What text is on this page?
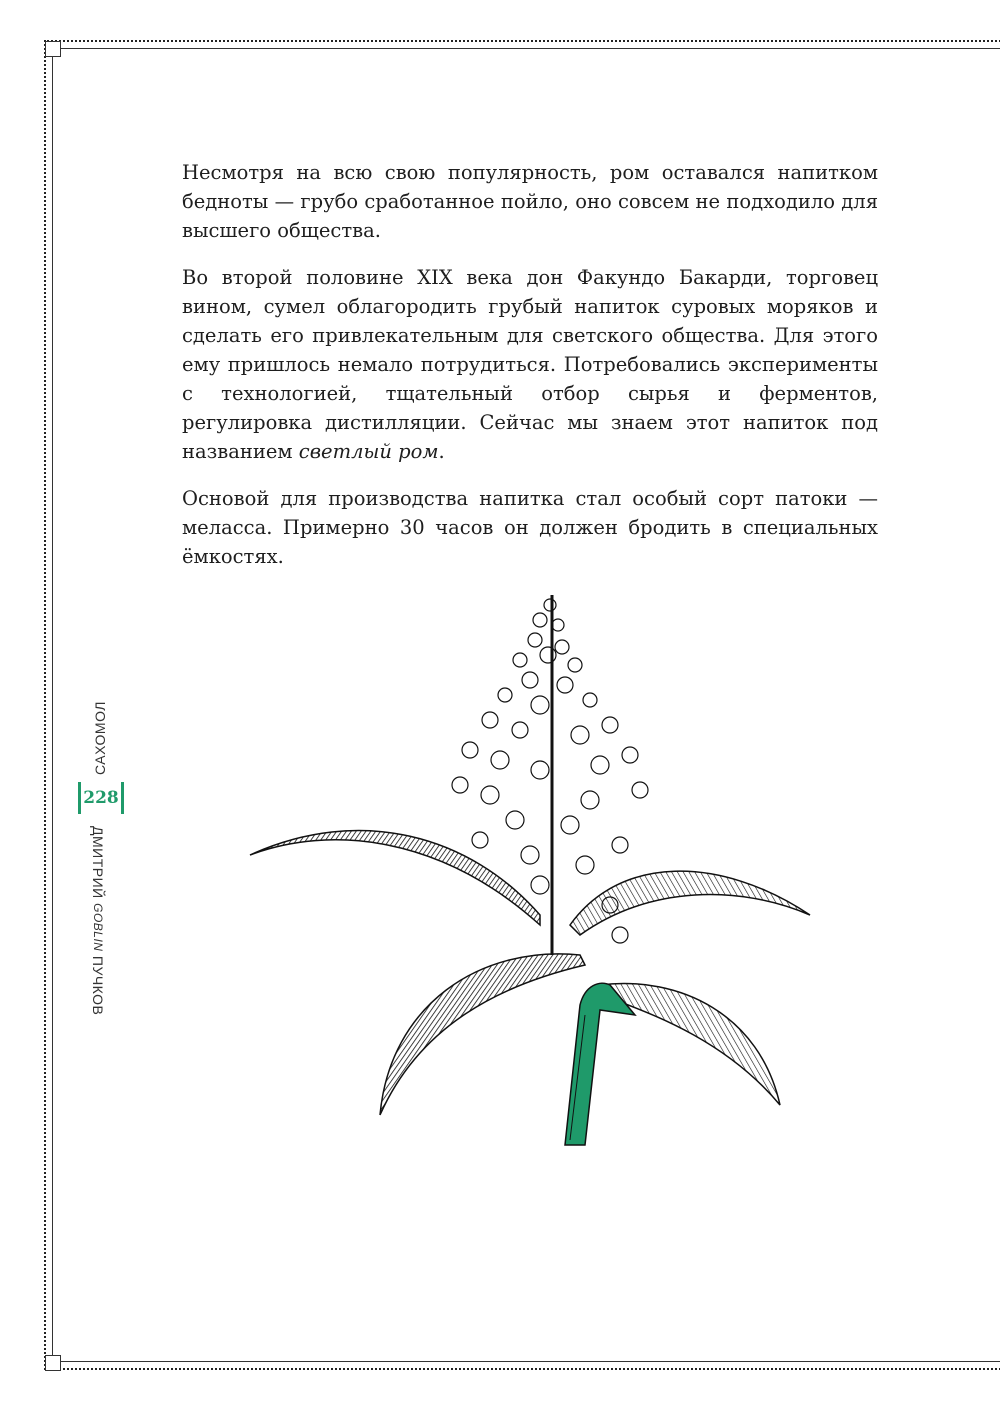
Несмотря на всю свою популярность, ром оставался напитком бедноты — грубо сработанное пойло, оно совсем не подходило для высшего общества.

Во второй половине XIX века дон Факундо Бакарди, торговец вином, сумел облагородить грубый напиток суровых моряков и сделать его привлекательным для светского общества. Для этого ему пришлось немало потрудиться. Потребовались эксперименты с технологией, тщательный отбор сырья и ферментов, регулировка дистилляции. Сейчас мы знаем этот напиток под названием светлый ром.

Основой для производства напитка стал особый сорт патоки — меласса. Примерно 30 часов он должен бродить в специальных ёмкостях.

САХОМОЛ
228
ДМИТРИЙ GOBLIN ПУЧКОВ
